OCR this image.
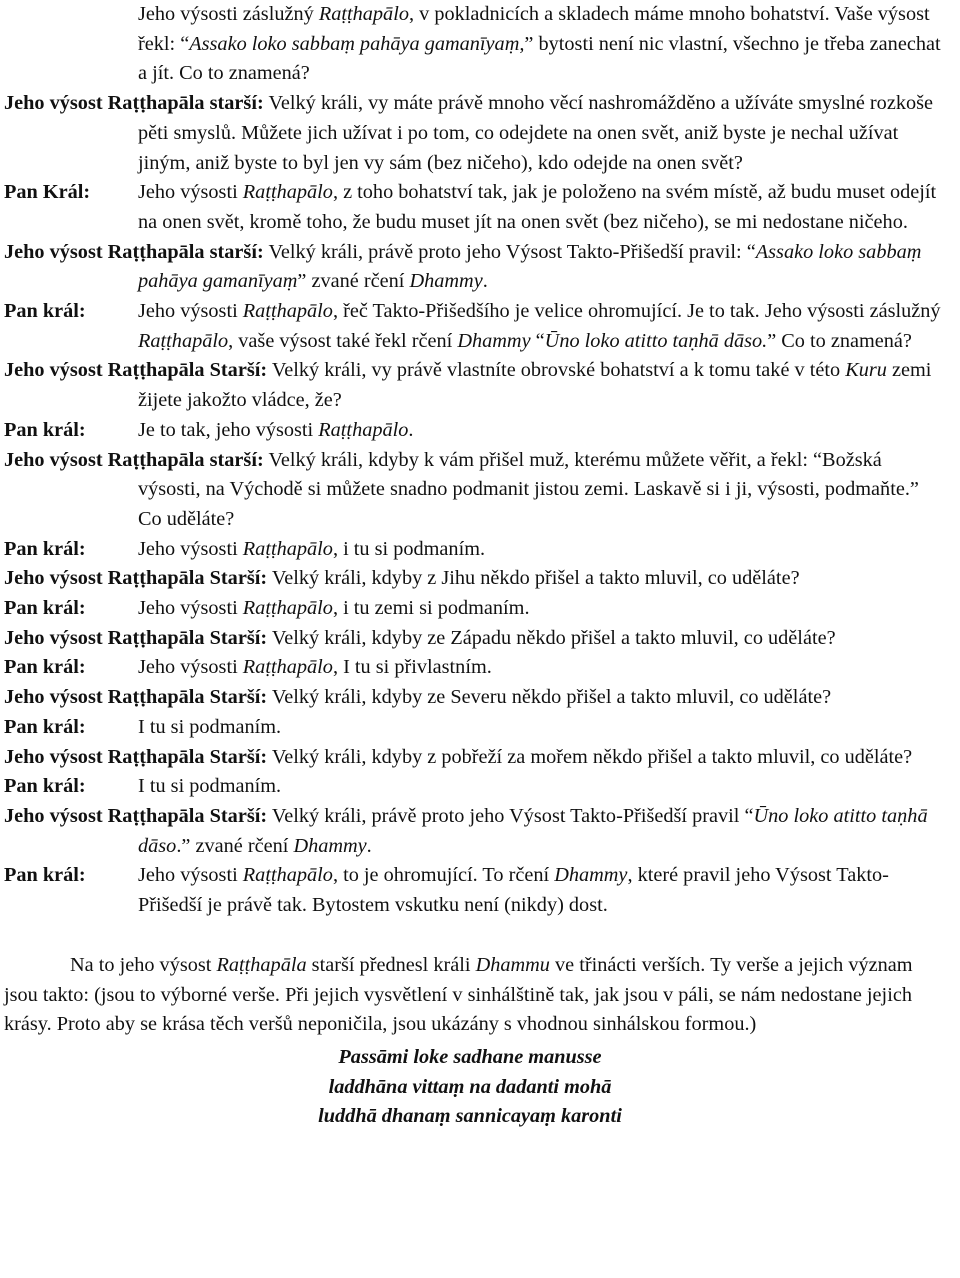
Jeho výsosti záslužný Raṭṭhapālo, v pokladnicích a skladech máme mnoho bohatství. Vaše výsost řekl: “Assako loko sabbaṃ pahāya gamanīyaṃ,” bytosti není nic vlastní, všechno je třeba zanechat a jít. Co to znamená?
Jeho výsost Raṭṭhapāla starší: Velký králi, vy máte právě mnoho věcí nashromážděno a užíváte smyslné rozkoše pěti smyslů. Můžete jich užívat i po tom, co odejdete na onen svět, aniž byste je nechal užívat jiným, aniž byste to byl jen vy sám (bez ničeho), kdo odejde na onen svět?
Pan Král:	Jeho výsosti Raṭṭhapālo, z toho bohatství tak, jak je položeno na svém místě, až budu muset odejít na onen svět, kromě toho, že budu muset jít na onen svět (bez ničeho), se mi nedostane ničeho.
Jeho výsost Raṭṭhapāla starší: Velký králi, právě proto jeho Výsost Takto-Přišedší pravil: “Assako loko sabbaṃ pahāya gamanīyaṃ” zvané rčení Dhammy.
Pan král:	Jeho výsosti Raṭṭhapālo, řeč Takto-Přišedšího je velice ohromující. Je to tak. Jeho výsosti záslužný Raṭṭhapālo, vaše výsost také řekl rčení Dhammy “Ūno loko atitto taṇhā dāso.” Co to znamená?
Jeho výsost Raṭṭhapāla Starší: Velký králi, vy právě vlastníte obrovské bohatství a k tomu také v této Kuru zemi žijete jakožto vládce, že?
Pan král:	Je to tak, jeho výsosti Raṭṭhapālo.
Jeho výsost Raṭṭhapāla starší: Velký králi, kdyby k vám přišel muž, kterému můžete věřit, a řekl: “Božská výsosti, na Východě si můžete snadno podmanit jistou zemi. Laskavě si i ji, výsosti, podmaňte.” Co uděláte?
Pan král:	Jeho výsosti Raṭṭhapālo, i tu si podmaním.
Jeho výsost Raṭṭhapāla Starší: Velký králi, kdyby z Jihu někdo přišel a takto mluvil, co uděláte?
Pan král:	Jeho výsosti Raṭṭhapālo, i tu zemi si podmaním.
Jeho výsost Raṭṭhapāla Starší: Velký králi, kdyby ze Západu někdo přišel a takto mluvil, co uděláte?
Pan král:	Jeho výsosti Raṭṭhapālo, I tu si přivlastním.
Jeho výsost Raṭṭhapāla Starší: Velký králi, kdyby ze Severu někdo přišel a takto mluvil, co uděláte?
Pan král:	I tu si podmaním.
Jeho výsost Raṭṭhapāla Starší: Velký králi, kdyby z pobřeží za mořem někdo přišel a takto mluvil, co uděláte?
Pan král:	I tu si podmaním.
Jeho výsost Raṭṭhapāla Starší: Velký králi, právě proto jeho Výsost Takto-Přišedší pravil “Ūno loko atitto taṇhā dāso.” zvané rčení Dhammy.
Pan král:	Jeho výsosti Raṭṭhapālo, to je ohromující. To rčení Dhammy, které pravil jeho Výsost Takto-Přišedší je právě tak. Bytostem vskutku není (nikdy) dost.

Na to jeho výsost Raṭṭhapāla starší přednesl králi Dhammu ve třinácti verších. Ty verše a jejich význam jsou takto: (jsou to výborné verše. Při jejich vysvětlení v sinhálštině tak, jak jsou v páli, se nám nedostane jejich krásy. Proto aby se krása těch veršů neponičila, jsou ukázány s vhodnou sinhálskou formou.)

Passāmi loke sadhane manusse
laddhāna vittaṃ na dadanti mohā
luddhā dhanaṃ sannicayaṃ karonti
